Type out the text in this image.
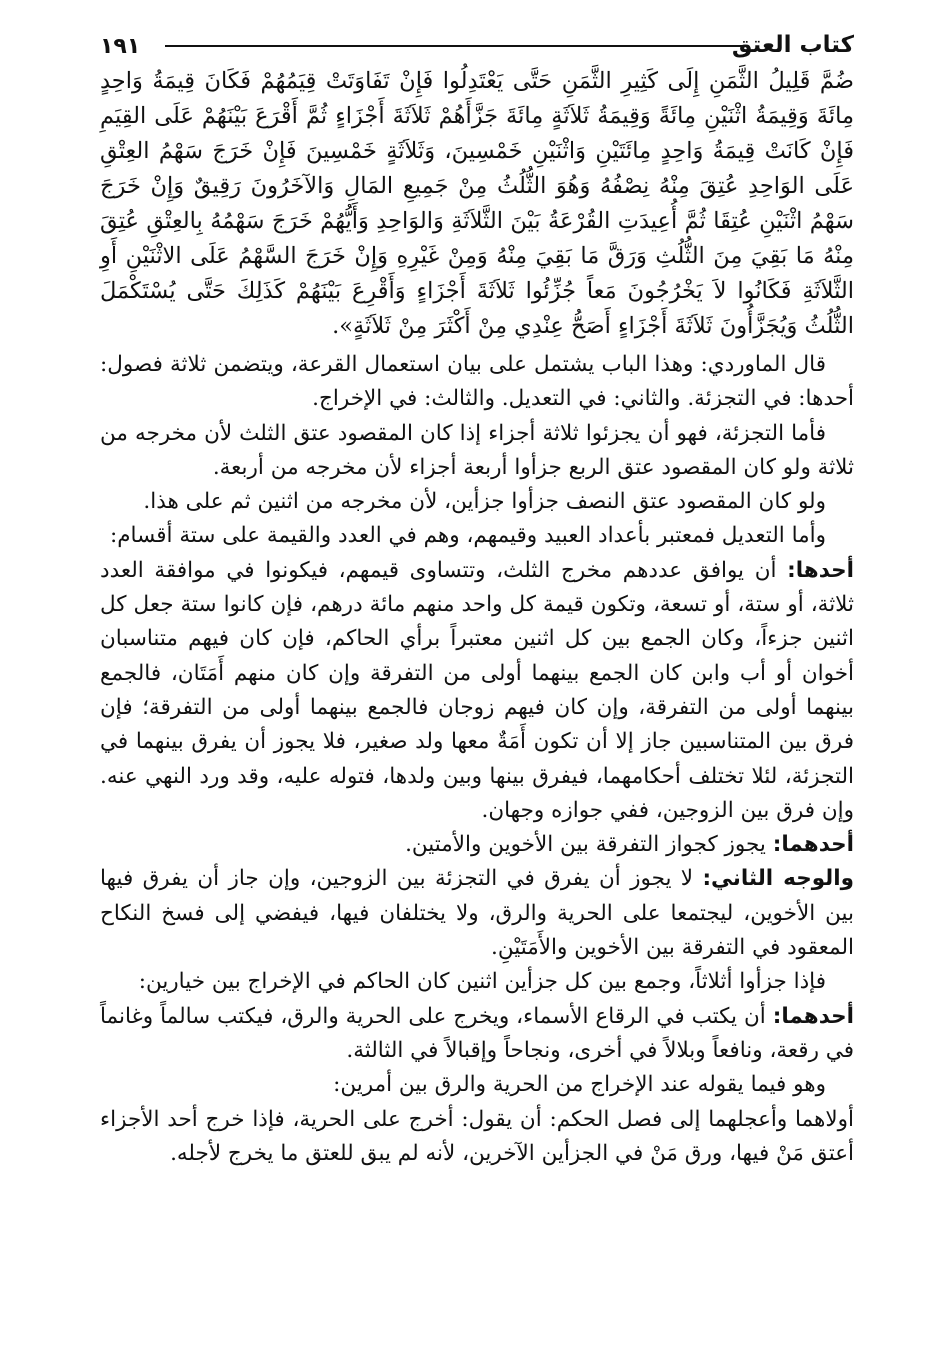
كتاب العتق
١٩١

ضُمَّ قَلِيلُ الثَّمَنِ إِلَى كَثِيرِ الثَّمَنِ حَتَّى يَعْتَدِلُوا فَإِنْ تَفَاوَتَتْ قِيَمُهُمْ فَكَانَ قِيمَةُ وَاحِدٍ مِائَةَ وَقِيمَةُ اثْنَيْنِ مِائَةً وَقِيمَةُ ثَلاَثَةٍ مِائَةَ جَزَّأَهُمْ ثَلاَثَةَ أَجْزَاءٍ ثُمَّ أَقْرَعَ بَيْنَهُمْ عَلَى القِيَمِ فَإِنْ كَانَتْ قِيمَةُ وَاحِدٍ مِائَتَيْنِ وَاثْنَيْنِ خَمْسِينَ، وَثَلاَثَةٍ خَمْسِينَ فَإِنْ خَرَجَ سَهْمُ العِتْقِ عَلَى الوَاحِدِ عُتِقَ مِنْهُ نِصْفُهُ وَهُوَ الثُّلُثُ مِنْ جَمِيعِ المَالِ وَالآخَرُونَ رَقِيقٌ وَإِنْ خَرَجَ سَهْمُ اثْنَيْنِ عُتِقَا ثُمَّ أُعِيدَتِ القُرْعَةُ بَيْنَ الثَّلاَثَةِ وَالوَاحِدِ وَأَيُّهُمْ خَرَجَ سَهْمُهُ بِالعِتْقِ عُتِقَ مِنْهُ مَا بَقِيَ مِنَ الثُّلُثِ وَرَقَّ مَا بَقِيَ مِنْهُ وَمِنْ غَيْرِهِ وَإِنْ خَرَجَ السَّهْمُ عَلَى الاثْنَيْنِ أَوِ الثَّلاَثَةِ فَكَانُوا لاَ يَخْرُجُونَ مَعاً جُزِّئُوا ثَلاَثَةَ أَجْزَاءٍ وَأَقْرِعَ بَيْنَهُمْ كَذَلِكَ حَتَّى يُسْتَكْمَلَ الثُّلُثُ وَيُجَزَّأُونَ ثَلاَثَةَ أَجْزَاءٍ أَصَحُّ عِنْدِي مِنْ أَكْثَرَ مِنْ ثَلاَثَةٍ».

قال الماوردي: وهذا الباب يشتمل على بيان استعمال القرعة، ويتضمن ثلاثة فصول: أحدها: في التجزئة. والثاني: في التعديل. والثالث: في الإخراج.

فأما التجزئة، فهو أن يجزئوا ثلاثة أجزاء إذا كان المقصود عتق الثلث لأن مخرجه من ثلاثة ولو كان المقصود عتق الربع جزأوا أربعة أجزاء لأن مخرجه من أربعة.

ولو كان المقصود عتق النصف جزأوا جزأين، لأن مخرجه من اثنين ثم على هذا.

وأما التعديل فمعتبر بأعداد العبيد وقيمهم، وهم في العدد والقيمة على ستة أقسام:

أحدها: أن يوافق عددهم مخرج الثلث، وتتساوى قيمهم، فيكونوا في موافقة العدد ثلاثة، أو ستة، أو تسعة، وتكون قيمة كل واحد منهم مائة درهم، فإن كانوا ستة جعل كل اثنين جزءاً، وكان الجمع بين كل اثنين معتبراً برأي الحاكم، فإن كان فيهم متناسبان أخوان أو أب وابن كان الجمع بينهما أولى من التفرقة وإن كان منهم أَمَتَان، فالجمع بينهما أولى من التفرقة، وإن كان فيهم زوجان فالجمع بينهما أولى من التفرقة؛ فإن فرق بين المتناسبين جاز إلا أن تكون أَمَةٌ معها ولد صغير، فلا يجوز أن يفرق بينهما في التجزئة، لئلا تختلف أحكامهما، فيفرق بينها وبين ولدها، فتوله عليه، وقد ورد النهي عنه. وإن فرق بين الزوجين، ففي جوازه وجهان.

أحدهما: يجوز كجواز التفرقة بين الأخوين والأمتين.

والوجه الثاني: لا يجوز أن يفرق في التجزئة بين الزوجين، وإن جاز أن يفرق فيها بين الأخوين، ليجتمعا على الحرية والرق، ولا يختلفان فيها، فيفضي إلى فسخ النكاح المعقود في التفرقة بين الأخوين والأَمَتَيْنِ.

فإذا جزأوا أثلاثاً، وجمع بين كل جزأين اثنين كان الحاكم في الإخراج بين خيارين:

أحدهما: أن يكتب في الرقاع الأسماء، ويخرج على الحرية والرق، فيكتب سالماً وغانماً في رقعة، ونافعاً وبلالاً في أخرى، ونجاحاً وإقبالاً في الثالثة.

وهو فيما يقوله عند الإخراج من الحرية والرق بين أمرين:

أولاهما وأعجلهما إلى فصل الحكم: أن يقول: أخرج على الحرية، فإذا خرج أحد الأجزاء أعتق مَنْ فيها، ورق مَنْ في الجزأين الآخرين، لأنه لم يبق للعتق ما يخرج لأجله.
